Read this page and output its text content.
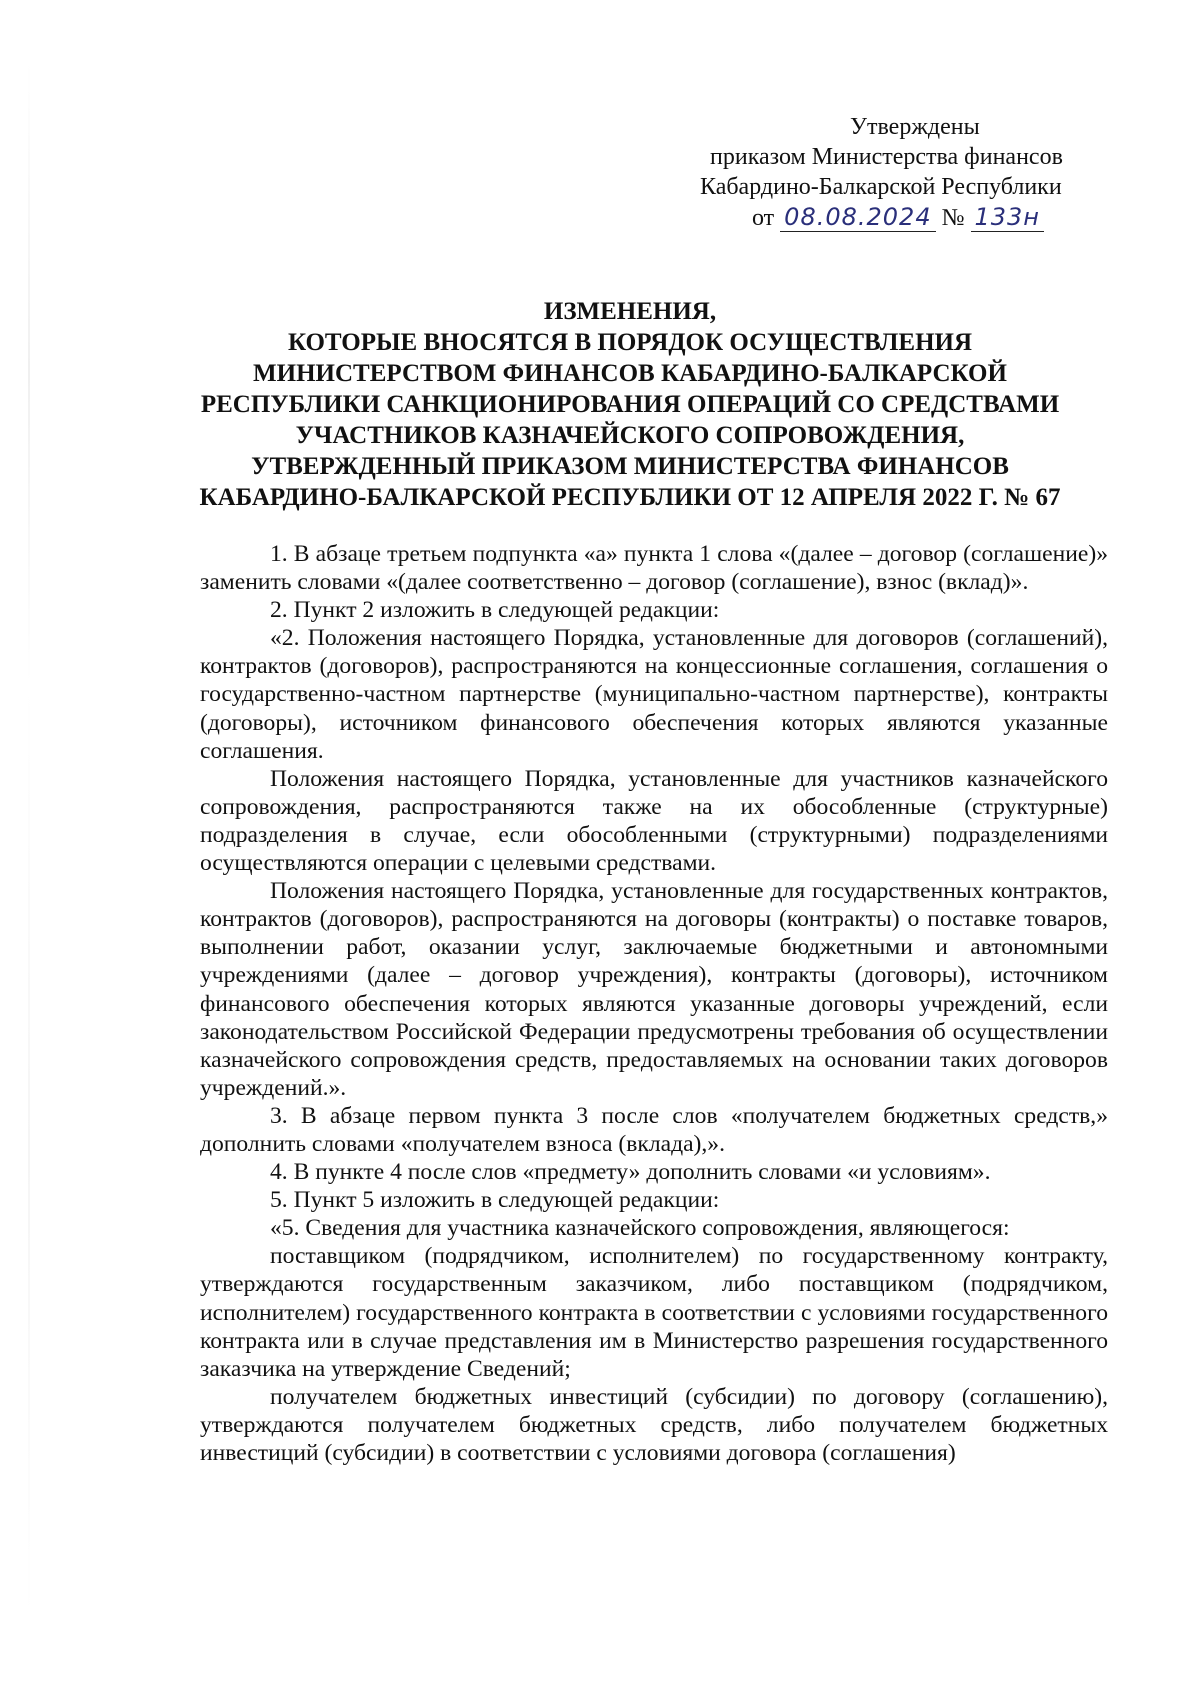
Утверждены
приказом Министерства финансов
Кабардино-Балкарской Республики
от 08.08.2024 № 133н
ИЗМЕНЕНИЯ,
КОТОРЫЕ ВНОСЯТСЯ В ПОРЯДОК ОСУЩЕСТВЛЕНИЯ
МИНИСТЕРСТВОМ ФИНАНСОВ КАБАРДИНО-БАЛКАРСКОЙ
РЕСПУБЛИКИ САНКЦИОНИРОВАНИЯ ОПЕРАЦИЙ СО СРЕДСТВАМИ
УЧАСТНИКОВ КАЗНАЧЕЙСКОГО СОПРОВОЖДЕНИЯ,
УТВЕРЖДЕННЫЙ ПРИКАЗОМ МИНИСТЕРСТВА ФИНАНСОВ
КАБАРДИНО-БАЛКАРСКОЙ РЕСПУБЛИКИ ОТ 12 АПРЕЛЯ 2022 Г. № 67

1. В абзаце третьем подпункта «а» пункта 1 слова «(далее – договор (соглашение)» заменить словами «(далее соответственно – договор (соглашение), взнос (вклад)».

2. Пункт 2 изложить в следующей редакции:

«2. Положения настоящего Порядка, установленные для договоров (соглашений), контрактов (договоров), распространяются на концессионные соглашения, соглашения о государственно-частном партнерстве (муниципально-частном партнерстве), контракты (договоры), источником финансового обеспечения которых являются указанные соглашения.

Положения настоящего Порядка, установленные для участников казначейского сопровождения, распространяются также на их обособленные (структурные) подразделения в случае, если обособленными (структурными) подразделениями осуществляются операции с целевыми средствами.

Положения настоящего Порядка, установленные для государственных контрактов, контрактов (договоров), распространяются на договоры (контракты) о поставке товаров, выполнении работ, оказании услуг, заключаемые бюджетными и автономными учреждениями (далее – договор учреждения), контракты (договоры), источником финансового обеспечения которых являются указанные договоры учреждений, если законодательством Российской Федерации предусмотрены требования об осуществлении казначейского сопровождения средств, предоставляемых на основании таких договоров учреждений.».

3. В абзаце первом пункта 3 после слов «получателем бюджетных средств,» дополнить словами «получателем взноса (вклада),».

4. В пункте 4 после слов «предмету» дополнить словами «и условиям».

5. Пункт 5 изложить в следующей редакции:

«5. Сведения для участника казначейского сопровождения, являющегося:

поставщиком (подрядчиком, исполнителем) по государственному контракту, утверждаются государственным заказчиком, либо поставщиком (подрядчиком, исполнителем) государственного контракта в соответствии с условиями государственного контракта или в случае представления им в Министерство разрешения государственного заказчика на утверждение Сведений;

получателем бюджетных инвестиций (субсидии) по договору (соглашению), утверждаются получателем бюджетных средств, либо получателем бюджетных инвестиций (субсидии) в соответствии с условиями договора (соглашения)
